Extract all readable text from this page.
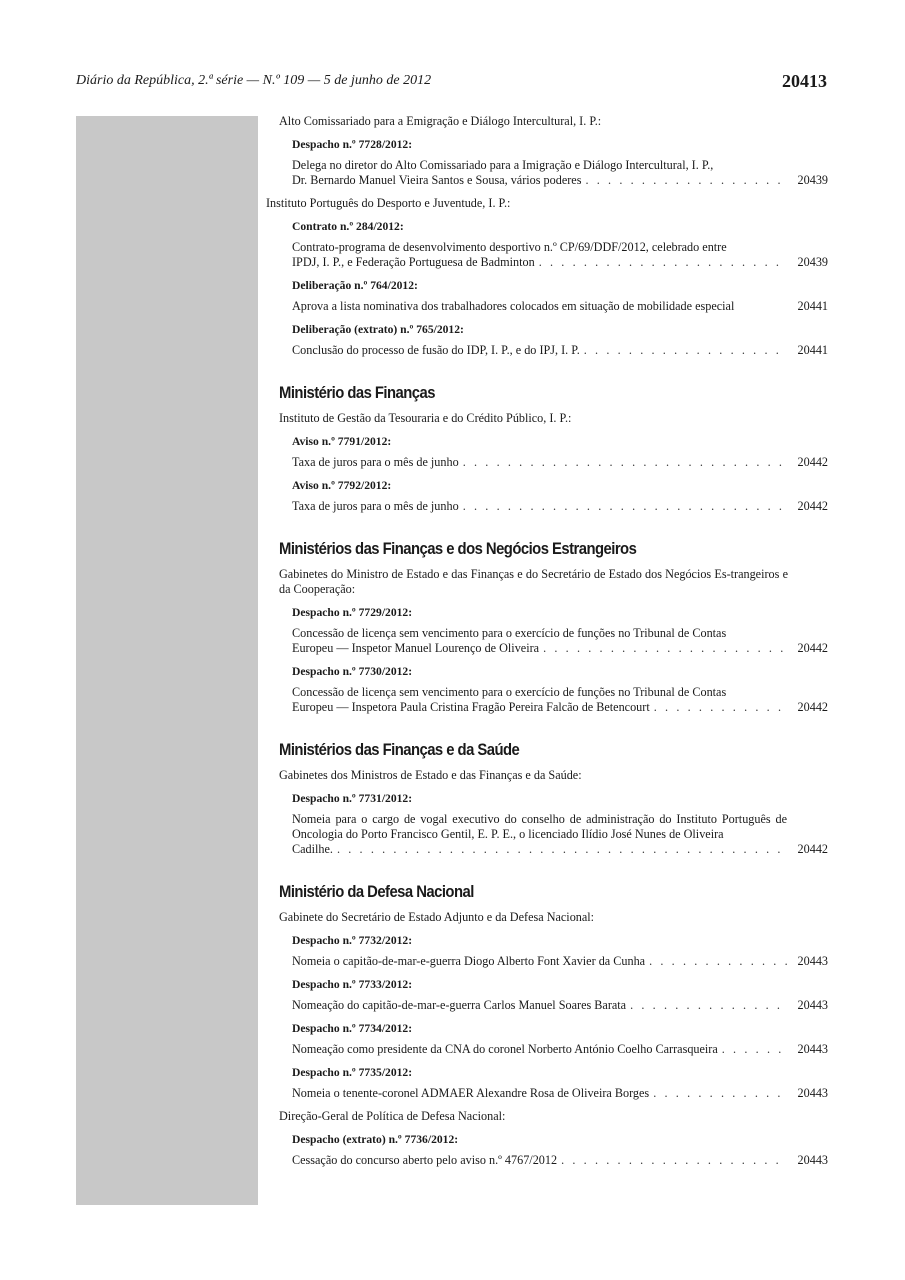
Diário da República, 2.ª série — N.º 109 — 5 de junho de 2012	20413
Alto Comissariado para a Emigração e Diálogo Intercultural, I. P.:
Despacho n.º 7728/2012:
Delega no diretor do Alto Comissariado para a Imigração e Diálogo Intercultural, I. P.,
Dr. Bernardo Manuel Vieira Santos e Sousa, vários poderes . . .	20439
Instituto Português do Desporto e Juventude, I. P.:
Contrato n.º 284/2012:
Contrato-programa de desenvolvimento desportivo n.º CP/69/DDF/2012, celebrado entre
IPDJ, I. P., e Federação Portuguesa de Badminton . . .	20439
Deliberação n.º 764/2012:
Aprova a lista nominativa dos trabalhadores colocados em situação de mobilidade especial	20441
Deliberação (extrato) n.º 765/2012:
Conclusão do processo de fusão do IDP, I. P., e do IPJ, I. P. . . .	20441
Ministério das Finanças
Instituto de Gestão da Tesouraria e do Crédito Público, I. P.:
Aviso n.º 7791/2012:
Taxa de juros para o mês de junho . . .	20442
Aviso n.º 7792/2012:
Taxa de juros para o mês de junho . . .	20442
Ministérios das Finanças e dos Negócios Estrangeiros
Gabinetes do Ministro de Estado e das Finanças e do Secretário de Estado dos Negócios Es-trangeiros e da Cooperação:
Despacho n.º 7729/2012:
Concessão de licença sem vencimento para o exercício de funções no Tribunal de Contas
Europeu — Inspetor Manuel Lourenço de Oliveira . . .	20442
Despacho n.º 7730/2012:
Concessão de licença sem vencimento para o exercício de funções no Tribunal de Contas
Europeu — Inspetora Paula Cristina Fragão Pereira Falcão de Betencourt . . .	20442
Ministérios das Finanças e da Saúde
Gabinetes dos Ministros de Estado e das Finanças e da Saúde:
Despacho n.º 7731/2012:
Nomeia para o cargo de vogal executivo do conselho de administração do Instituto Português de Oncologia do Porto Francisco Gentil, E. P. E., o licenciado Ilídio José Nunes de Oliveira
Cadilhe. . . .	20442
Ministério da Defesa Nacional
Gabinete do Secretário de Estado Adjunto e da Defesa Nacional:
Despacho n.º 7732/2012:
Nomeia o capitão-de-mar-e-guerra Diogo Alberto Font Xavier da Cunha . . .	20443
Despacho n.º 7733/2012:
Nomeação do capitão-de-mar-e-guerra Carlos Manuel Soares Barata . . .	20443
Despacho n.º 7734/2012:
Nomeação como presidente da CNA do coronel Norberto António Coelho Carrasqueira . . .	20443
Despacho n.º 7735/2012:
Nomeia o tenente-coronel ADMAER Alexandre Rosa de Oliveira Borges . . .	20443
Direção-Geral de Política de Defesa Nacional:
Despacho (extrato) n.º 7736/2012:
Cessação do concurso aberto pelo aviso n.º 4767/2012 . . .	20443
